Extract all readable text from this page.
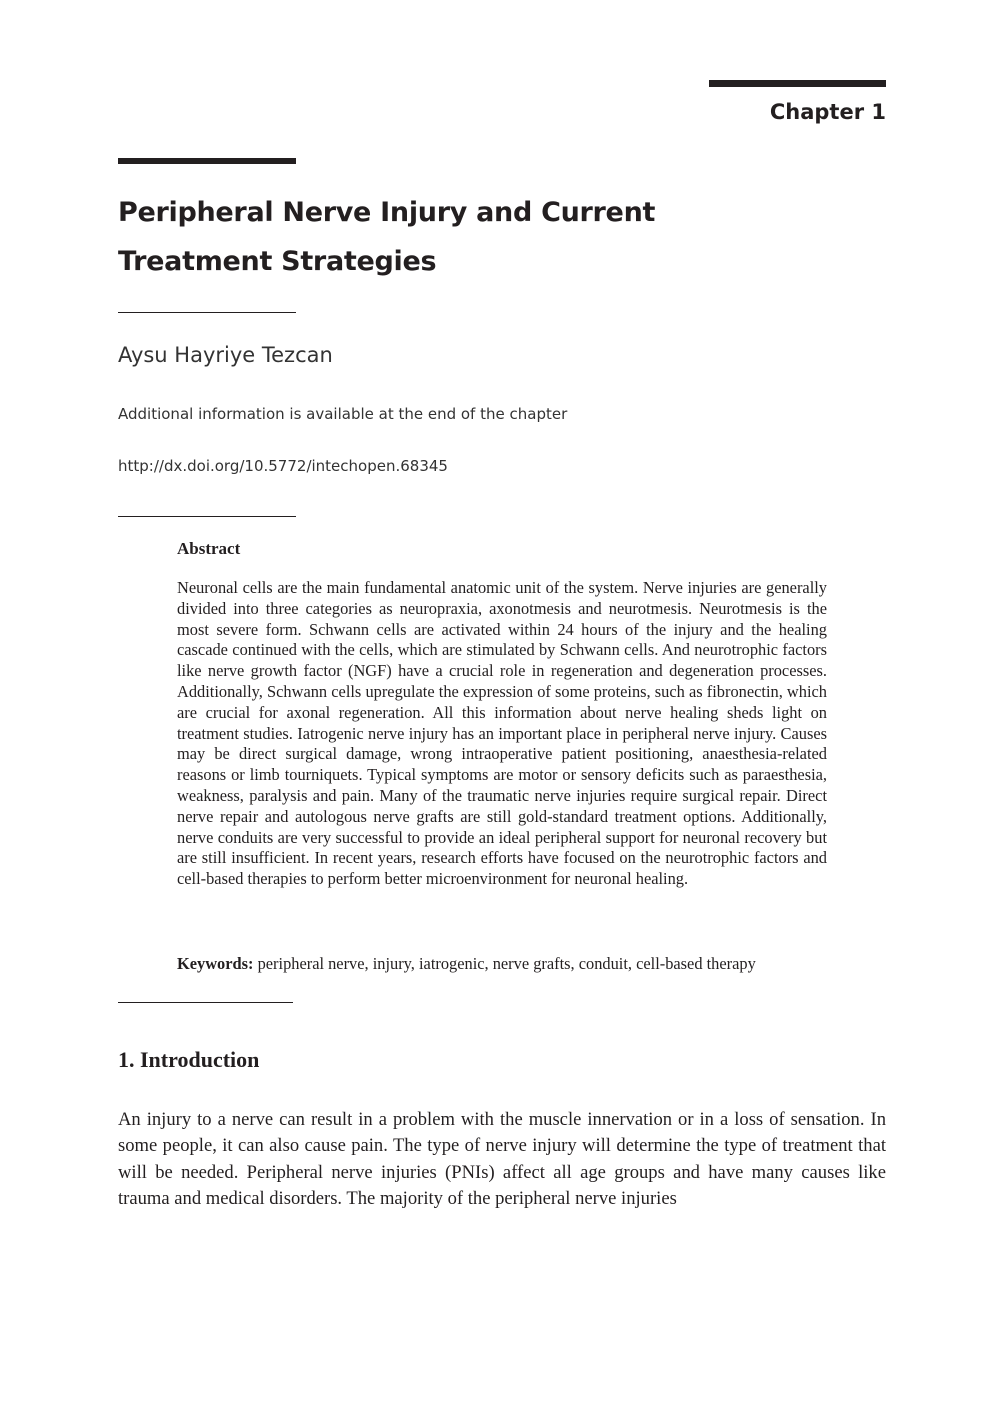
Chapter 1
Peripheral Nerve Injury and Current Treatment Strategies

Aysu Hayriye Tezcan

Additional information is available at the end of the chapter

http://dx.doi.org/10.5772/intechopen.68345

Abstract

Neuronal cells are the main fundamental anatomic unit of the system. Nerve injuries are generally divided into three categories as neuropraxia, axonotmesis and neurotmesis. Neurotmesis is the most severe form. Schwann cells are activated within 24 hours of the injury and the healing cascade continued with the cells, which are stimulated by Schwann cells. And neurotrophic factors like nerve growth factor (NGF) have a crucial role in regeneration and degeneration processes. Additionally, Schwann cells upregulate the expression of some proteins, such as fibronectin, which are crucial for axonal regeneration. All this information about nerve healing sheds light on treatment studies. Iatrogenic nerve injury has an important place in peripheral nerve injury. Causes may be direct surgical damage, wrong intraoperative patient positioning, anaesthesia-related reasons or limb tourniquets. Typical symptoms are motor or sensory deficits such as paraesthesia, weakness, paralysis and pain. Many of the traumatic nerve injuries require surgical repair. Direct nerve repair and autologous nerve grafts are still gold-standard treatment options. Additionally, nerve conduits are very successful to provide an ideal peripheral support for neuronal recovery but are still insufficient. In recent years, research efforts have focused on the neurotrophic factors and cell-based therapies to perform better microenvironment for neuronal healing.

Keywords: peripheral nerve, injury, iatrogenic, nerve grafts, conduit, cell-based therapy

1. Introduction

An injury to a nerve can result in a problem with the muscle innervation or in a loss of sensation. In some people, it can also cause pain. The type of nerve injury will determine the type of treatment that will be needed. Peripheral nerve injuries (PNIs) affect all age groups and have many causes like trauma and medical disorders. The majority of the peripheral nerve injuries
